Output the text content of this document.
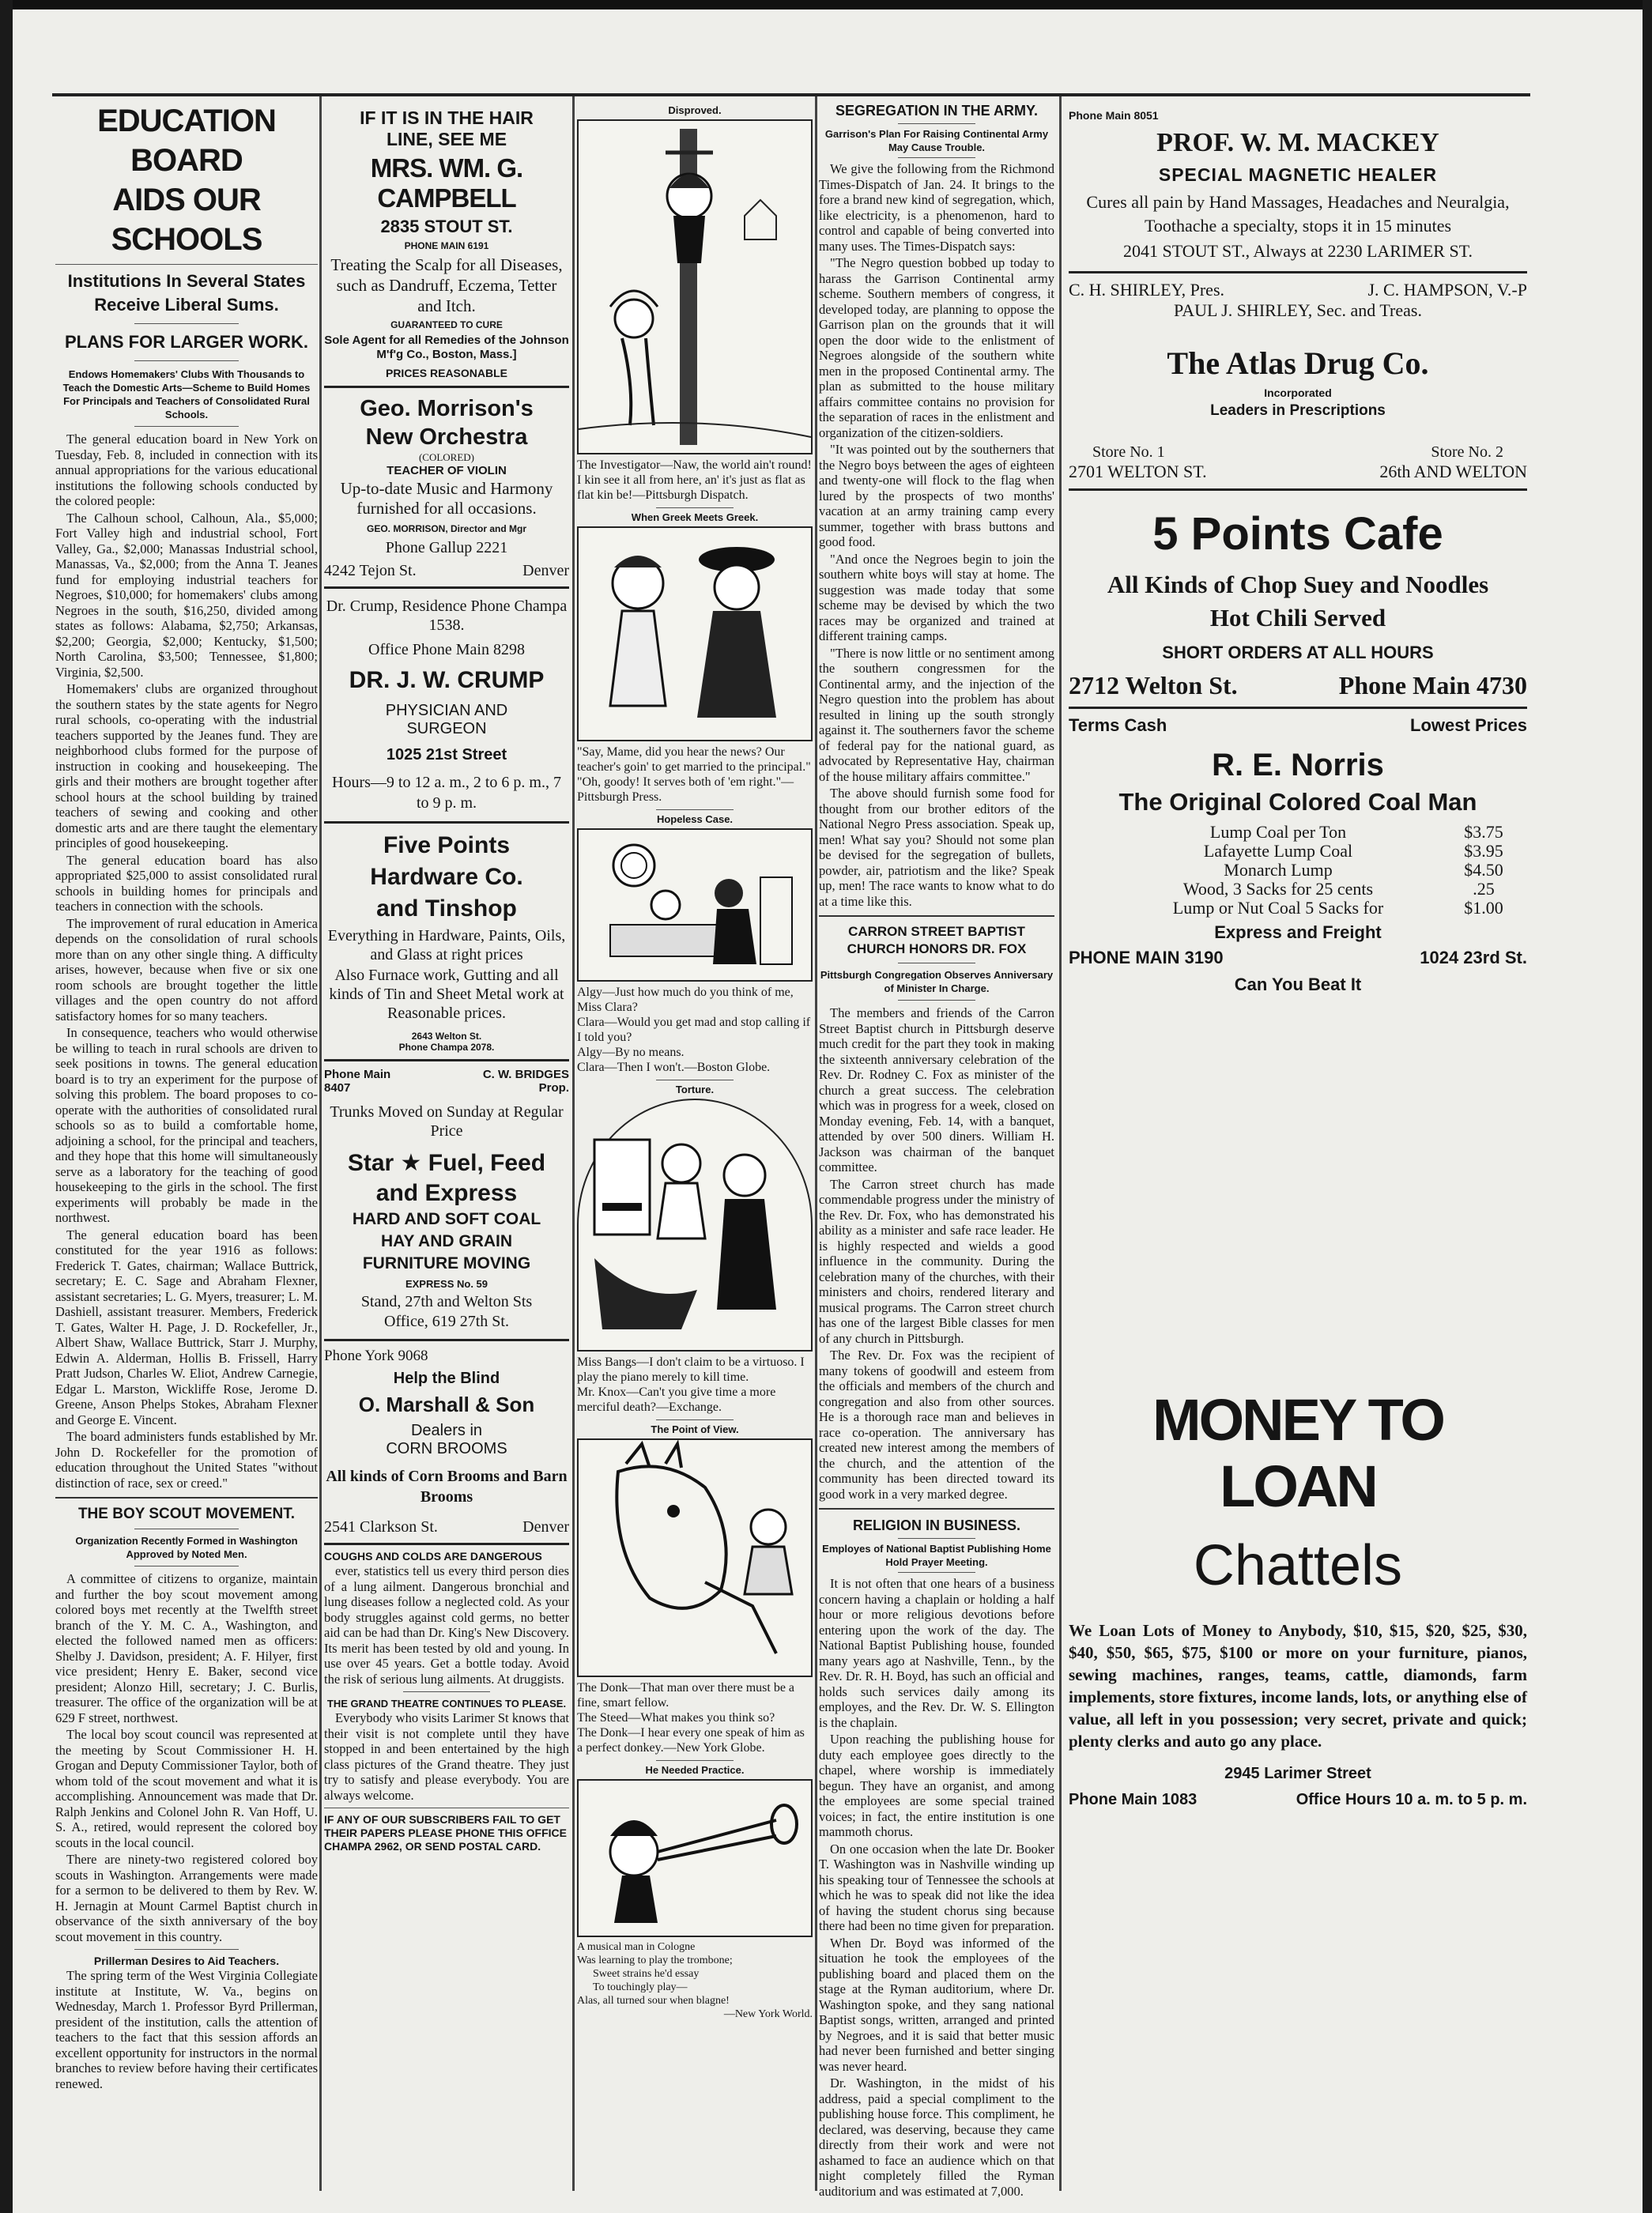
EDUCATION BOARD
AIDS OUR SCHOOLS
Institutions In Several States
Receive Liberal Sums.
PLANS FOR LARGER WORK.
Endows Homemakers' Clubs With Thousands to Teach the Domestic Arts—Scheme to Build Homes For Principals and Teachers of Consolidated Rural Schools.

The general education board in New York on Tuesday, Feb. 8, included in connection with its annual appropriations for the various educational institutions the following schools conducted by the colored people:

The Calhoun school, Calhoun, Ala., $5,000; Fort Valley high and industrial school, Fort Valley, Ga., $2,000; Manassas Industrial school, Manassas, Va., $2,000; from the Anna T. Jeanes fund for employing industrial teachers for Negroes, $10,000; for homemakers' clubs among Negroes in the south, $16,250, divided among states as follows: Alabama, $2,750; Arkansas, $2,200; Georgia, $2,000; Kentucky, $1,500; North Carolina, $3,500; Tennessee, $1,800; Virginia, $2,500.

Homemakers' clubs are organized throughout the southern states by the state agents for Negro rural schools, co-operating with the industrial teachers supported by the Jeanes fund. They are neighborhood clubs formed for the purpose of instruction in cooking and housekeeping. The girls and their mothers are brought together after school hours at the school building by trained teachers of sewing and cooking and other domestic arts and are there taught the elementary principles of good housekeeping.

The general education board has also appropriated $25,000 to assist consolidated rural schools in building homes for principals and teachers in connection with the schools.

The improvement of rural education in America depends on the consolidation of rural schools more than on any other single thing. A difficulty arises, however, because when five or six one room schools are brought together the little villages and the open country do not afford satisfactory homes for so many teachers.

In consequence, teachers who would otherwise be willing to teach in rural schools are driven to seek positions in towns. The general education board is to try an experiment for the purpose of solving this problem. The board proposes to co-operate with the authorities of consolidated rural schools so as to build a comfortable home, adjoining a school, for the principal and teachers, and they hope that this home will simultaneously serve as a laboratory for the teaching of good housekeeping to the girls in the school. The first experiments will probably be made in the northwest.

The general education board has been constituted for the year 1916 as follows: Frederick T. Gates, chairman; Wallace Buttrick, secretary; E. C. Sage and Abraham Flexner, assistant secretaries; L. G. Myers, treasurer; L. M. Dashiell, assistant treasurer. Members, Frederick T. Gates, Walter H. Page, J. D. Rockefeller, Jr., Albert Shaw, Wallace Buttrick, Starr J. Murphy, Edwin A. Alderman, Hollis B. Frissell, Harry Pratt Judson, Charles W. Eliot, Andrew Carnegie, Edgar L. Marston, Wickliffe Rose, Jerome D. Greene, Anson Phelps Stokes, Abraham Flexner and George E. Vincent.

The board administers funds established by Mr. John D. Rockefeller for the promotion of education throughout the United States "without distinction of race, sex or creed."

THE BOY SCOUT MOVEMENT.
Organization Recently Formed in Washington Approved by Noted Men.

A committee of citizens to organize, maintain and further the boy scout movement among colored boys met recently at the Twelfth street branch of the Y. M. C. A., Washington, and elected the followed named men as officers: Shelby J. Davidson, president; A. F. Hilyer, first vice president; Henry E. Baker, second vice president; Alonzo Hill, secretary; J. C. Burlis, treasurer. The office of the organization will be at 629 F street, northwest.

The local boy scout council was represented at the meeting by Scout Commissioner H. H. Grogan and Deputy Commissioner Taylor, both of whom told of the scout movement and what it is accomplishing. Announcement was made that Dr. Ralph Jenkins and Colonel John R. Van Hoff, U. S. A., retired, would represent the colored boy scouts in the local council.

There are ninety-two registered colored boy scouts in Washington. Arrangements were made for a sermon to be delivered to them by Rev. W. H. Jernagin at Mount Carmel Baptist church in observance of the sixth anniversary of the boy scout movement in this country.

Prillerman Desires to Aid Teachers.

The spring term of the West Virginia Collegiate institute at Institute, W. Va., begins on Wednesday, March 1. Professor Byrd Prillerman, president of the institution, calls the attention of teachers to the fact that this session affords an excellent opportunity for instructors in the normal branches to review before having their certificates renewed.

IF IT IS IN THE HAIR
LINE, SEE ME
MRS. WM. G. CAMPBELL
2835 STOUT ST.
PHONE MAIN 6191

Treating the Scalp for all Diseases, such as Dandruff, Eczema, Tetter and Itch.

GUARANTEED TO CURE
Sole Agent for all Remedies of the Johnson M'f'g Co., Boston, Mass.]
PRICES REASONABLE
Geo. Morrison's
New Orchestra
(COLORED)
TEACHER OF VIOLIN

Up-to-date Music and Harmony furnished for all occasions.

GEO. MORRISON, Director and Mgr
Phone Gallup 2221
4242 Tejon St.	Denver

Dr. Crump, Residence Phone Champa 1538.

Office Phone Main 8298

DR. J. W. CRUMP
PHYSICIAN AND
SURGEON
1025 21st Street

Hours—9 to 12 a. m., 2 to 6 p. m., 7 to 9 p. m.

Five Points
Hardware Co.
and Tinshop

Everything in Hardware, Paints, Oils, and Glass at right prices

Also Furnace work, Gutting and all kinds of Tin and Sheet Metal work at Reasonable prices.

2643 Welton St.
Phone Champa 2078.
Phone Main
8407
C. W. BRIDGES
Prop.

Trunks Moved on Sunday at Regular Price

Star ★ Fuel, Feed
and Express
HARD AND SOFT COAL
HAY AND GRAIN
FURNITURE MOVING
EXPRESS No. 59

Stand, 27th and Welton Sts

Office, 619 27th St.

Phone York 9068
Help the Blind
O. Marshall & Son
Dealers in
CORN BROOMS

All kinds of Corn Brooms and Barn Brooms

2541 Clarkson St.	Denver
COUGHS AND COLDS ARE DANGEROUS

ever, statistics tell us every third person dies of a lung ailment. Dangerous bronchial and lung diseases follow a neglected cold. As your body struggles against cold germs, no better aid can be had than Dr. King's New Discovery. Its merit has been tested by old and young. In use over 45 years. Get a bottle today. Avoid the risk of serious lung ailments. At druggists.

THE GRAND THEATRE CONTINUES TO PLEASE.

Everybody who visits Larimer St knows that their visit is not complete until they have stopped in and been entertained by the high class pictures of the Grand theatre. They just try to satisfy and please everybody. You are always welcome.

IF ANY OF OUR SUBSCRIBERS FAIL TO GET THEIR PAPERS PLEASE PHONE THIS OFFICE CHAMPA 2962, OR SEND POSTAL CARD.
Disproved.

The Investigator—Naw, the world ain't round! I kin see it all from here, an' it's just as flat as flat kin be!—Pittsburgh Dispatch.

When Greek Meets Greek.

"Say, Mame, did you hear the news? Our teacher's goin' to get married to the principal."

"Oh, goody! It serves both of 'em right."—Pittsburgh Press.

Hopeless Case.

Algy—Just how much do you think of me, Miss Clara?

Clara—Would you get mad and stop calling if I told you?

Algy—By no means.

Clara—Then I won't.—Boston Globe.

Torture.

Miss Bangs—I don't claim to be a virtuoso. I play the piano merely to kill time.

Mr. Knox—Can't you give time a more merciful death?—Exchange.

The Point of View.

The Donk—That man over there must be a fine, smart fellow.

The Steed—What makes you think so?

The Donk—I hear every one speak of him as a perfect donkey.—New York Globe.

He Needed Practice.

A musical man in Cologne

Was learning to play the trombone;

Sweet strains he'd essay

To touchingly play—

Alas, all turned sour when blagne!

—New York World.

SEGREGATION IN THE ARMY.
Garrison's Plan For Raising Continental Army May Cause Trouble.

We give the following from the Richmond Times-Dispatch of Jan. 24. It brings to the fore a brand new kind of segregation, which, like electricity, is a phenomenon, hard to control and capable of being converted into many uses. The Times-Dispatch says:

"The Negro question bobbed up today to harass the Garrison Continental army scheme. Southern members of congress, it developed today, are planning to oppose the Garrison plan on the grounds that it will open the door wide to the enlistment of Negroes alongside of the southern white men in the proposed Continental army. The plan as submitted to the house military affairs committee contains no provision for the separation of races in the enlistment and organization of the citizen-soldiers.

"It was pointed out by the southerners that the Negro boys between the ages of eighteen and twenty-one will flock to the flag when lured by the prospects of two months' vacation at an army training camp every summer, together with brass buttons and good food.

"And once the Negroes begin to join the southern white boys will stay at home. The suggestion was made today that some scheme may be devised by which the two races may be organized and trained at different training camps.

"There is now little or no sentiment among the southern congressmen for the Continental army, and the injection of the Negro question into the problem has about resulted in lining up the south strongly against it. The southerners favor the scheme of federal pay for the national guard, as advocated by Representative Hay, chairman of the house military affairs committee."

The above should furnish some food for thought from our brother editors of the National Negro Press association. Speak up, men! What say you? Should not some plan be devised for the segregation of bullets, powder, air, patriotism and the like? Speak up, men! The race wants to know what to do at a time like this.

CARRON STREET BAPTIST
CHURCH HONORS DR. FOX
Pittsburgh Congregation Observes Anniversary of Minister In Charge.

The members and friends of the Carron Street Baptist church in Pittsburgh deserve much credit for the part they took in making the sixteenth anniversary celebration of the Rev. Dr. Rodney C. Fox as minister of the church a great success. The celebration which was in progress for a week, closed on Monday evening, Feb. 14, with a banquet, attended by over 500 diners. William H. Jackson was chairman of the banquet committee.

The Carron street church has made commendable progress under the ministry of the Rev. Dr. Fox, who has demonstrated his ability as a minister and safe race leader. He is highly respected and wields a good influence in the community. During the celebration many of the churches, with their ministers and choirs, rendered literary and musical programs. The Carron street church has one of the largest Bible classes for men of any church in Pittsburgh.

The Rev. Dr. Fox was the recipient of many tokens of goodwill and esteem from the officials and members of the church and congregation and also from other sources. He is a thorough race man and believes in race co-operation. The anniversary has created new interest among the members of the church, and the attention of the community has been directed toward its good work in a very marked degree.

RELIGION IN BUSINESS.
Employes of National Baptist Publishing Home Hold Prayer Meeting.

It is not often that one hears of a business concern having a chaplain or holding a half hour or more religious devotions before entering upon the work of the day. The National Baptist Publishing house, founded many years ago at Nashville, Tenn., by the Rev. Dr. R. H. Boyd, has such an official and holds such services daily among its employes, and the Rev. Dr. W. S. Ellington is the chaplain.

Upon reaching the publishing house for duty each employee goes directly to the chapel, where worship is immediately begun. They have an organist, and among the employees are some special trained voices; in fact, the entire institution is one mammoth chorus.

On one occasion when the late Dr. Booker T. Washington was in Nashville winding up his speaking tour of Tennessee the schools at which he was to speak did not like the idea of having the student chorus sing because there had been no time given for preparation.

When Dr. Boyd was informed of the situation he took the employees of the publishing board and placed them on the stage at the Ryman auditorium, where Dr. Washington spoke, and they sang national Baptist songs, written, arranged and printed by Negroes, and it is said that better music had never been furnished and better singing was never heard.

Dr. Washington, in the midst of his address, paid a special compliment to the publishing house force. This compliment, he declared, was deserving, because they came directly from their work and were not ashamed to face an audience which on that night completely filled the Ryman auditorium and was estimated at 7,000.

Phone Main 8051
PROF. W. M. MACKEY
SPECIAL MAGNETIC HEALER

Cures all pain by Hand Massages, Headaches and Neuralgia, Toothache a specialty, stops it in 15 minutes

2041 STOUT ST., Always at 2230 LARIMER ST.

C. H. SHIRLEY, Pres.	J. C. HAMPSON, V.-P
PAUL J. SHIRLEY, Sec. and Treas.
The Atlas Drug Co.
Incorporated
Leaders in Prescriptions
Store No. 1	Store No. 2
2701 WELTON ST.	26th AND WELTON
5 Points Cafe
All Kinds of Chop Suey and Noodles
Hot Chili Served
SHORT ORDERS AT ALL HOURS
2712 Welton St.	Phone Main 4730
Terms Cash	Lowest Prices
R. E. Norris
The Original Colored Coal Man
Lump Coal per Ton	$3.75
Lafayette Lump Coal	$3.95
Monarch Lump	$4.50
Wood, 3 Sacks for 25 cents	.25
Lump or Nut Coal 5 Sacks for	$1.00
Express and Freight
PHONE MAIN 3190	1024 23rd St.
Can You Beat It
MONEY TO LOAN
Chattels

We Loan Lots of Money to Anybody, $10, $15, $20, $25, $30, $40, $50, $65, $75, $100 or more on your furniture, pianos, sewing machines, ranges, teams, cattle, diamonds, farm implements, store fixtures, income lands, lots, or anything else of value, all left in you possession; very secret, private and quick; plenty clerks and auto go any place.

2945 Larimer Street
Phone Main 1083	Office Hours 10 a. m. to 5 p. m.
